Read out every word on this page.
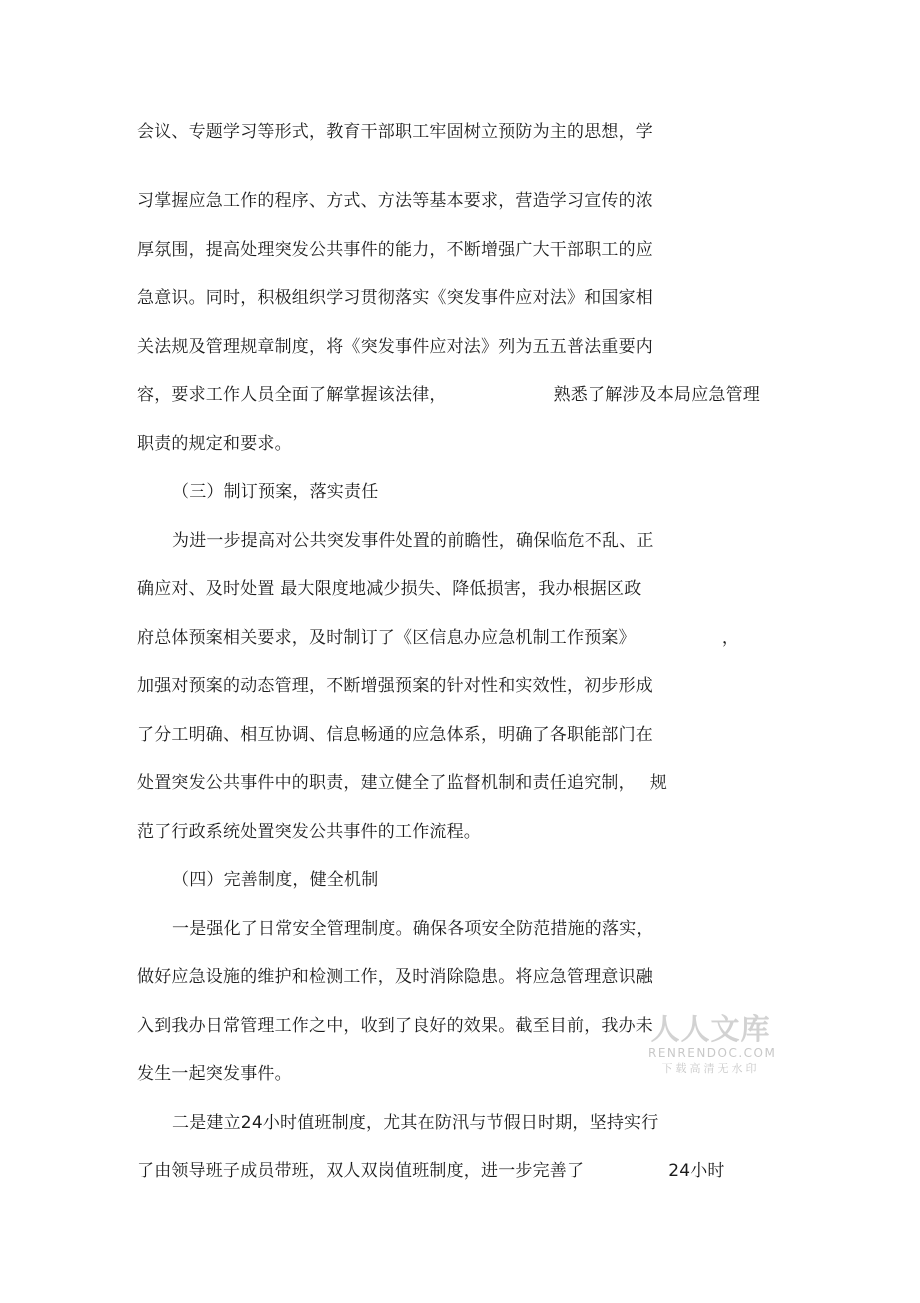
会议、专题学习等形式，教育干部职工牢固树立预防为主的思想，学
习掌握应急工作的程序、方式、方法等基本要求，营造学习宣传的浓
厚氛围，提高处理突发公共事件的能力，不断增强广大干部职工的应
急意识。同时，积极组织学习贯彻落实《突发事件应对法》和国家相
关法规及管理规章制度，将《突发事件应对法》列为五五普法重要内
容，要求工作人员全面了解掌握该法律，	熟悉了解涉及本局应急管理
职责的规定和要求。
（三）制订预案，落实责任
为进一步提高对公共突发事件处置的前瞻性，确保临危不乱、正
确应对、及时处置 最大限度地减少损失、降低损害，我办根据区政
府总体预案相关要求，及时制订了《区信息办应急机制工作预案》	，
加强对预案的动态管理，不断增强预案的针对性和实效性，初步形成
了分工明确、相互协调、信息畅通的应急体系，明确了各职能部门在
处置突发公共事件中的职责，建立健全了监督机制和责任追究制， 规
范了行政系统处置突发公共事件的工作流程。
（四）完善制度，健全机制
一是强化了日常安全管理制度。确保各项安全防范措施的落实，
做好应急设施的维护和检测工作，及时消除隐患。将应急管理意识融
入到我办日常管理工作之中，收到了良好的效果。截至目前，我办未
发生一起突发事件。
二是建立24小时值班制度，尤其在防汛与节假日时期，坚持实行
了由领导班子成员带班，双人双岗值班制度，进一步完善了	24小时
人人文库
RENRENDOC.COM
下载高清无水印
